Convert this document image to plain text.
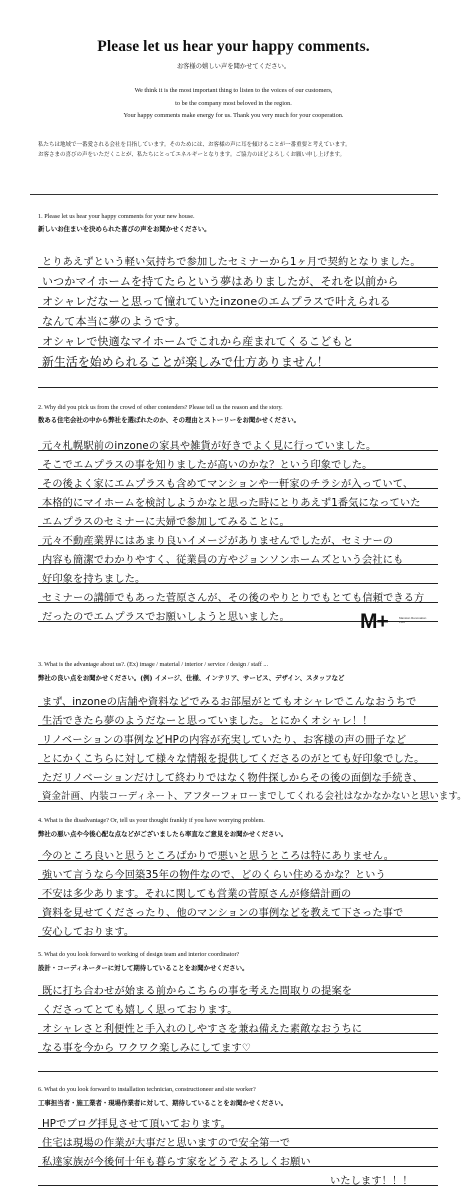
Please let us hear your happy comments.
お客様の嬉しい声を聞かせてください。
We think it is the most important thing to listen to the voices of our customers,
to be the company most beloved in the region.
Your happy comments make energy for us. Thank you very much for your cooperation.
私たちは地域で一番愛される会社を目指しています。そのためには、お客様の声に耳を傾けることが一番重要と考えています。
お客さまの喜びの声をいただくことが、私たちにとってエネルギーとなります。ご協力のほどよろしくお願い申し上げます。
1. Please let us hear your happy comments for your new house.
新しいお住まいを決められた喜びの声をお聞かせください。
とりあえずという軽い気持ちで参加したセミナーから1ヶ月で契約となりました。
いつかマイホームを持てたらという夢はありましたが、それを以前から
オシャレだなーと思って憧れていたinzoneのエムプラスで叶えられる
なんて本当に夢のようです。
オシャレで快適なマイホームでこれから産まれてくるこどもと
新生活を始められることが楽しみで仕方ありません！
2. Why did you pick us from the crowd of other contenders? Please tell us the reason and the story.
数ある住宅会社の中から弊社を選ばれたのか、その理由とストーリーをお聞かせください。
元々札幌駅前のinzoneの家具や雑貨が好きでよく見に行っていました。
そこでエムプラスの事を知りましたが高いのかな？という印象でした。
その後よく家にエムプラスも含めてマンションや一軒家のチラシが入っていて、
本格的にマイホームを検討しようかなと思った時にとりあえず1番気になっていた
エムプラスのセミナーに夫婦で参加してみることに。
元々不動産業界にはあまり良いイメージがありませんでしたが、セミナーの
内容も簡潔でわかりやすく、従業員の方やジョンソンホームズという会社にも
好印象を持ちました。
セミナーの講師でもあった菅原さんが、その後のやりとりでもとても信頼できる方
だったのでエムプラスでお願いしようと思いました。	M+	Mansion Renovation Plus
3. What is the advantage about us?. (Ex) image / material / interior / service / design / staff ...
弊社の良い点をお聞かせください。(例) イメージ、仕様、インテリア、サービス、デザイン、スタッフなど
まず、inzoneの店舗や資料などでみるお部屋がとてもオシャレでこんなおうちで
生活できたら夢のようだなーと思っていました。とにかくオシャレ！！
リノベーションの事例などHPの内容が充実していたり、お客様の声の冊子など
とにかくこちらに対して様々な情報を提供してくださるのがとても好印象でした。
ただリノベーションだけして終わりではなく物件探しからその後の面倒な手続き、
資金計画、内装コーディネート、アフターフォローまでしてくれる会社はなかなかないと思います。
4. What is the disadvantage? Or, tell us your thought frankly if you have worrying problem.
弊社の悪い点や今後心配な点などがございましたら率直なご意見をお聞かせください。
今のところ良いと思うところばかりで悪いと思うところは特にありません。
強いて言うなら今回築35年の物件なので、どのくらい住めるかな？という
不安は多少あります。それに関しても営業の菅原さんが修繕計画の
資料を見せてくださったり、他のマンションの事例などを教えて下さった事で
安心しております。
5. What do you look forward to working of design team and interior coordinator?
設計・コーディネーターに対して期待していることをお聞かせください。
既に打ち合わせが始まる前からこちらの事を考えた間取りの提案を
くださってとても嬉しく思っております。
オシャレさと利便性と手入れのしやすさを兼ね備えた素敵なおうちに
なる事を今から ワクワク楽しみにしてます♡
6. What do you look forward to installation technician, constructioneer and site worker?
工事担当者・施工業者・現場作業者に対して、期待していることをお聞かせください。
HPでブログ拝見させて頂いております。
住宅は現場の作業が大事だと思いますので安全第一で
私達家族が今後何十年も暮らす家をどうぞよろしくお願い
いたします！！！
